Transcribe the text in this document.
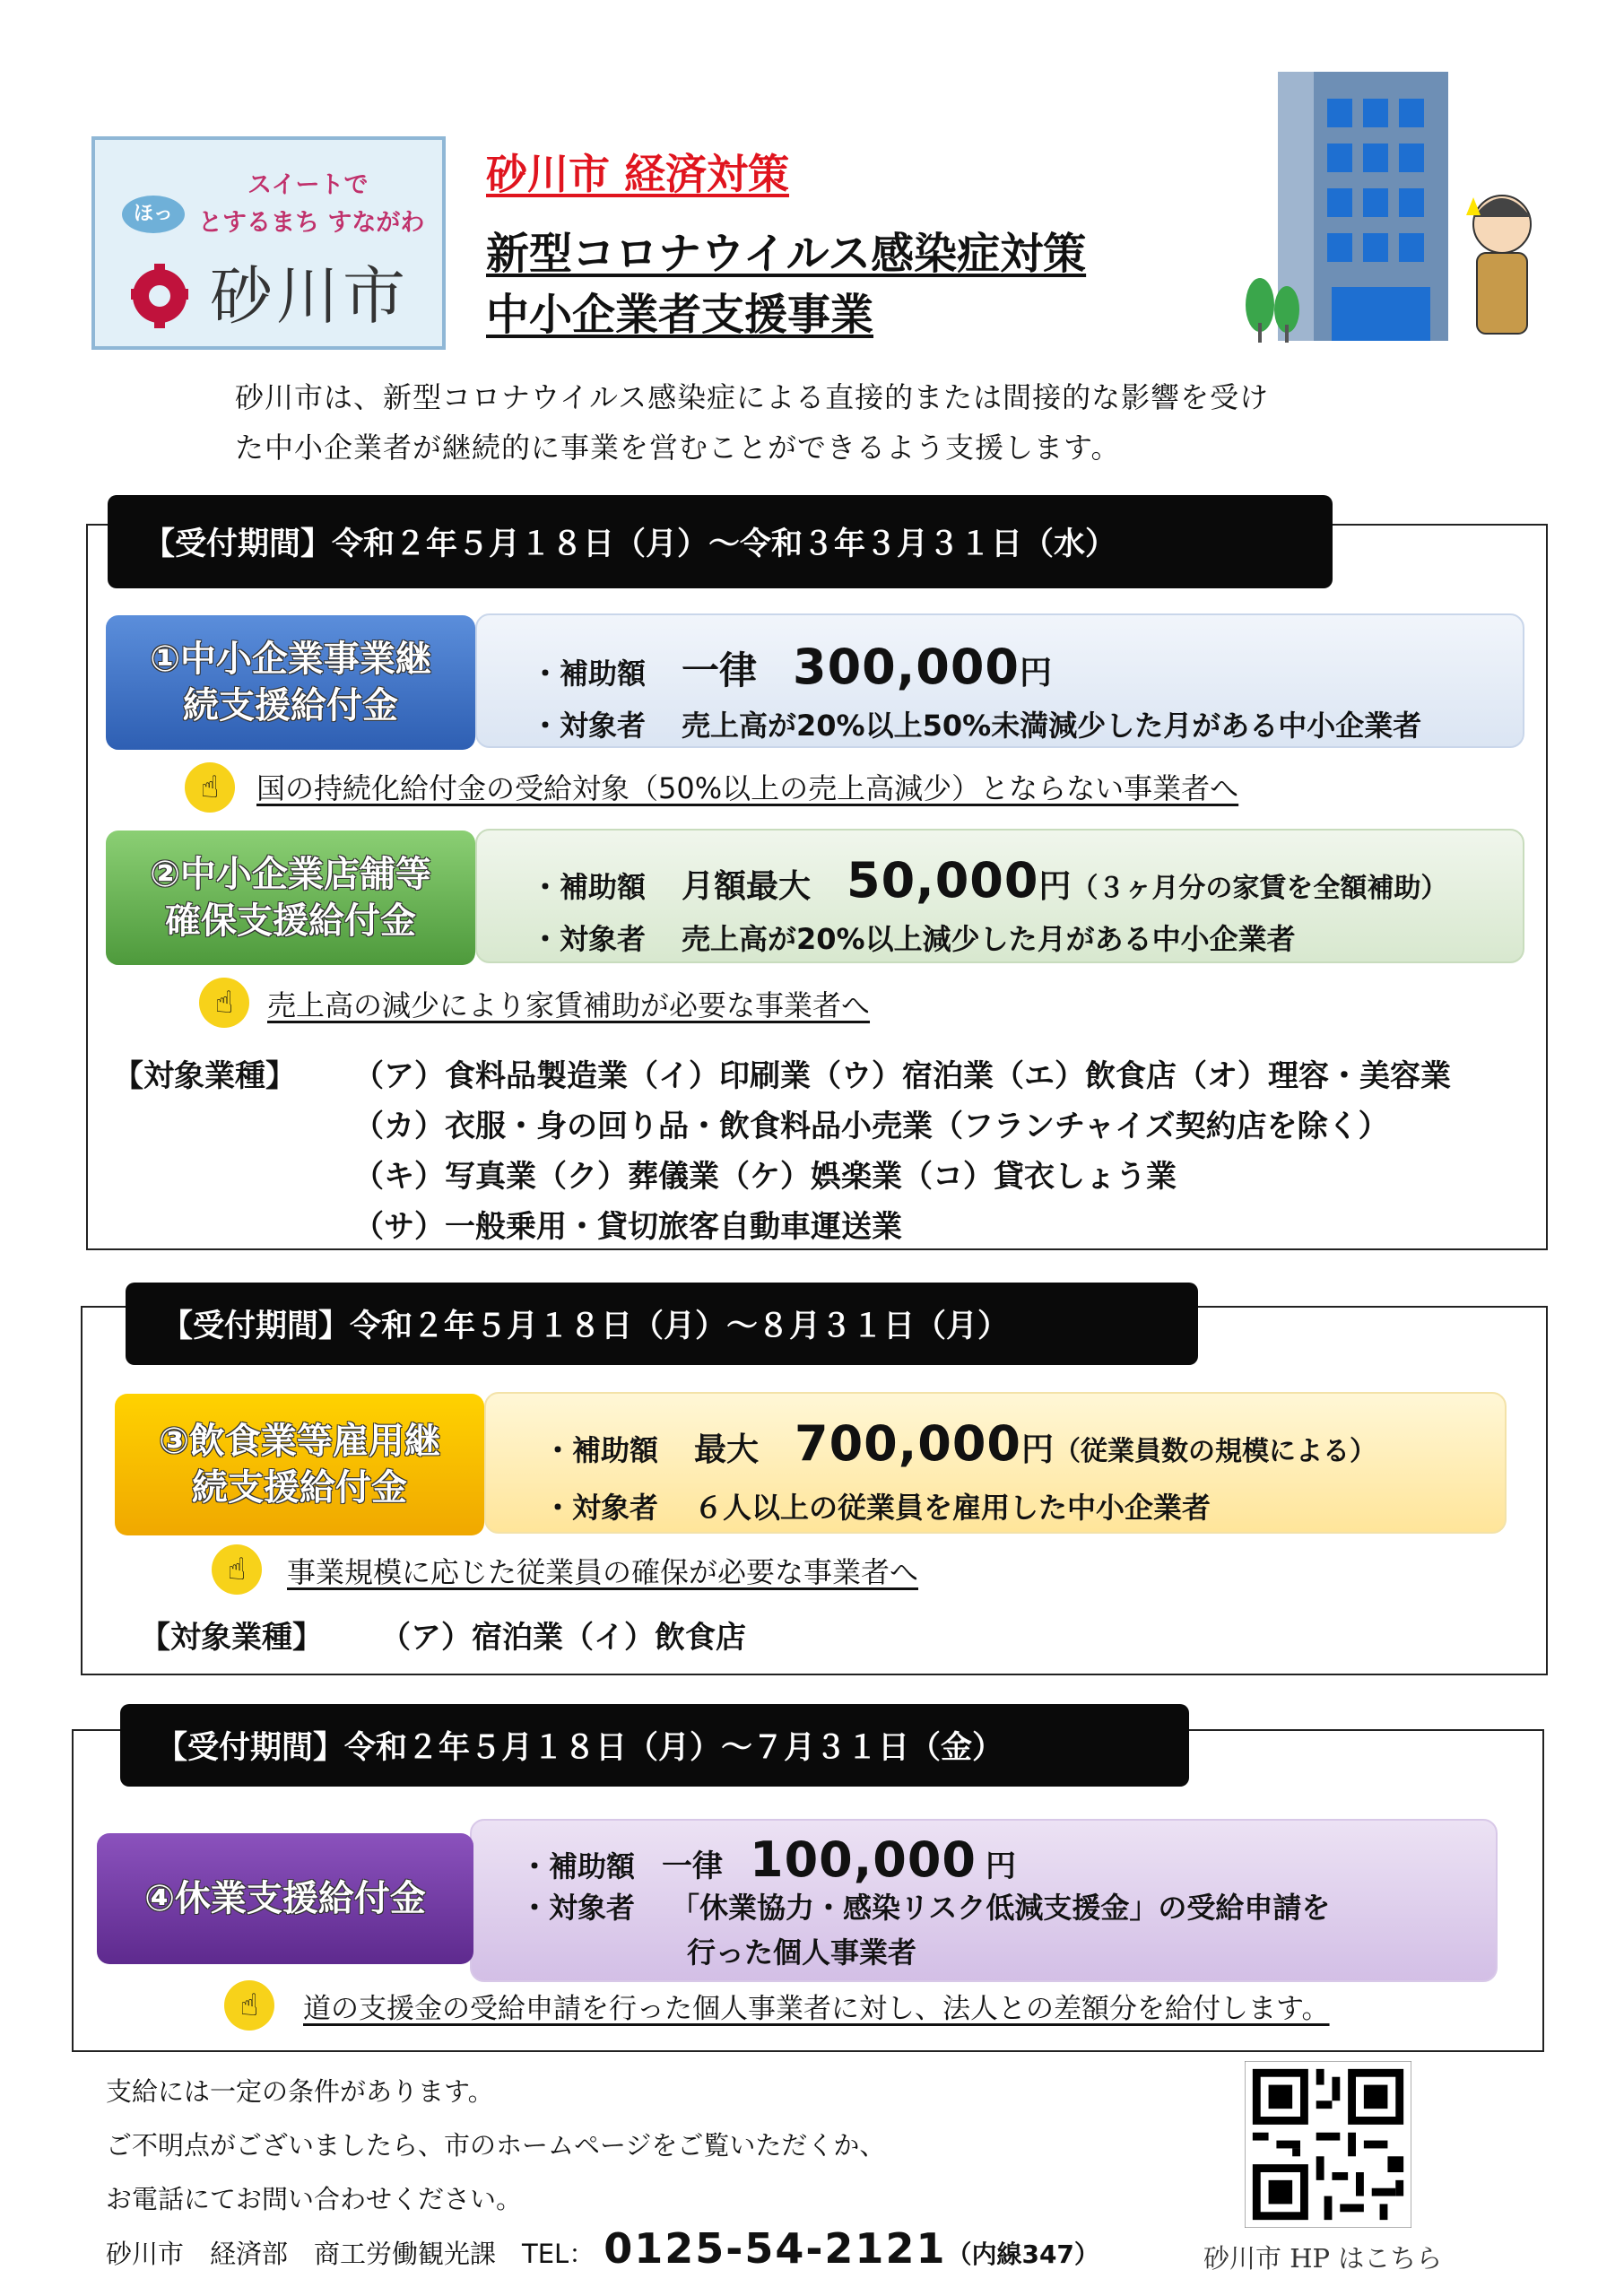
スイートで
ほっ	とするまち すながわ
砂川市
砂川市 経済対策
新型コロナウイルス感染症対策
中小企業者支援事業
砂川市は、新型コロナウイルス感染症による直接的または間接的な影響を受け
た中小企業者が継続的に事業を営むことができるよう支援します。
【受付期間】令和２年５月１８日（月）～令和３年３月３１日（水）
①中小企業事業継
続支援給付金
・補助額 一律 300,000円
・対象者 売上高が20%以上50%未満減少した月がある中小企業者
☝	国の持続化給付金の受給対象（50%以上の売上高減少）とならない事業者へ
②中小企業店舗等
確保支援給付金
・補助額 月額最大 50,000円（３ヶ月分の家賃を全額補助）
・対象者 売上高が20%以上減少した月がある中小企業者
☝	売上高の減少により家賃補助が必要な事業者へ
【対象業種】 （ア）食料品製造業（イ）印刷業（ウ）宿泊業（エ）飲食店（オ）理容・美容業
（カ）衣服・身の回り品・飲食料品小売業（フランチャイズ契約店を除く）
（キ）写真業（ク）葬儀業（ケ）娯楽業（コ）貸衣しょう業
（サ）一般乗用・貸切旅客自動車運送業
【受付期間】令和２年５月１８日（月）～８月３１日（月）
③飲食業等雇用継
続支援給付金
・補助額 最大 700,000円（従業員数の規模による）
・対象者 ６人以上の従業員を雇用した中小企業者
☝	事業規模に応じた従業員の確保が必要な事業者へ
【対象業種】 （ア）宿泊業（イ）飲食店
【受付期間】令和２年５月１８日（月）～７月３１日（金）
④休業支援給付金
・補助額 一律 100,000 円
・対象者 「休業協力・感染リスク低減支援金」の受給申請を
行った個人事業者
☝	道の支援金の受給申請を行った個人事業者に対し、法人との差額分を給付します。
支給には一定の条件があります。
ご不明点がございましたら、市のホームページをご覧いただくか、
お電話にてお問い合わせください。
砂川市　経済部　商工労働観光課　TEL： 0125-54-2121 （内線347）	砂川市 HP はこちら
